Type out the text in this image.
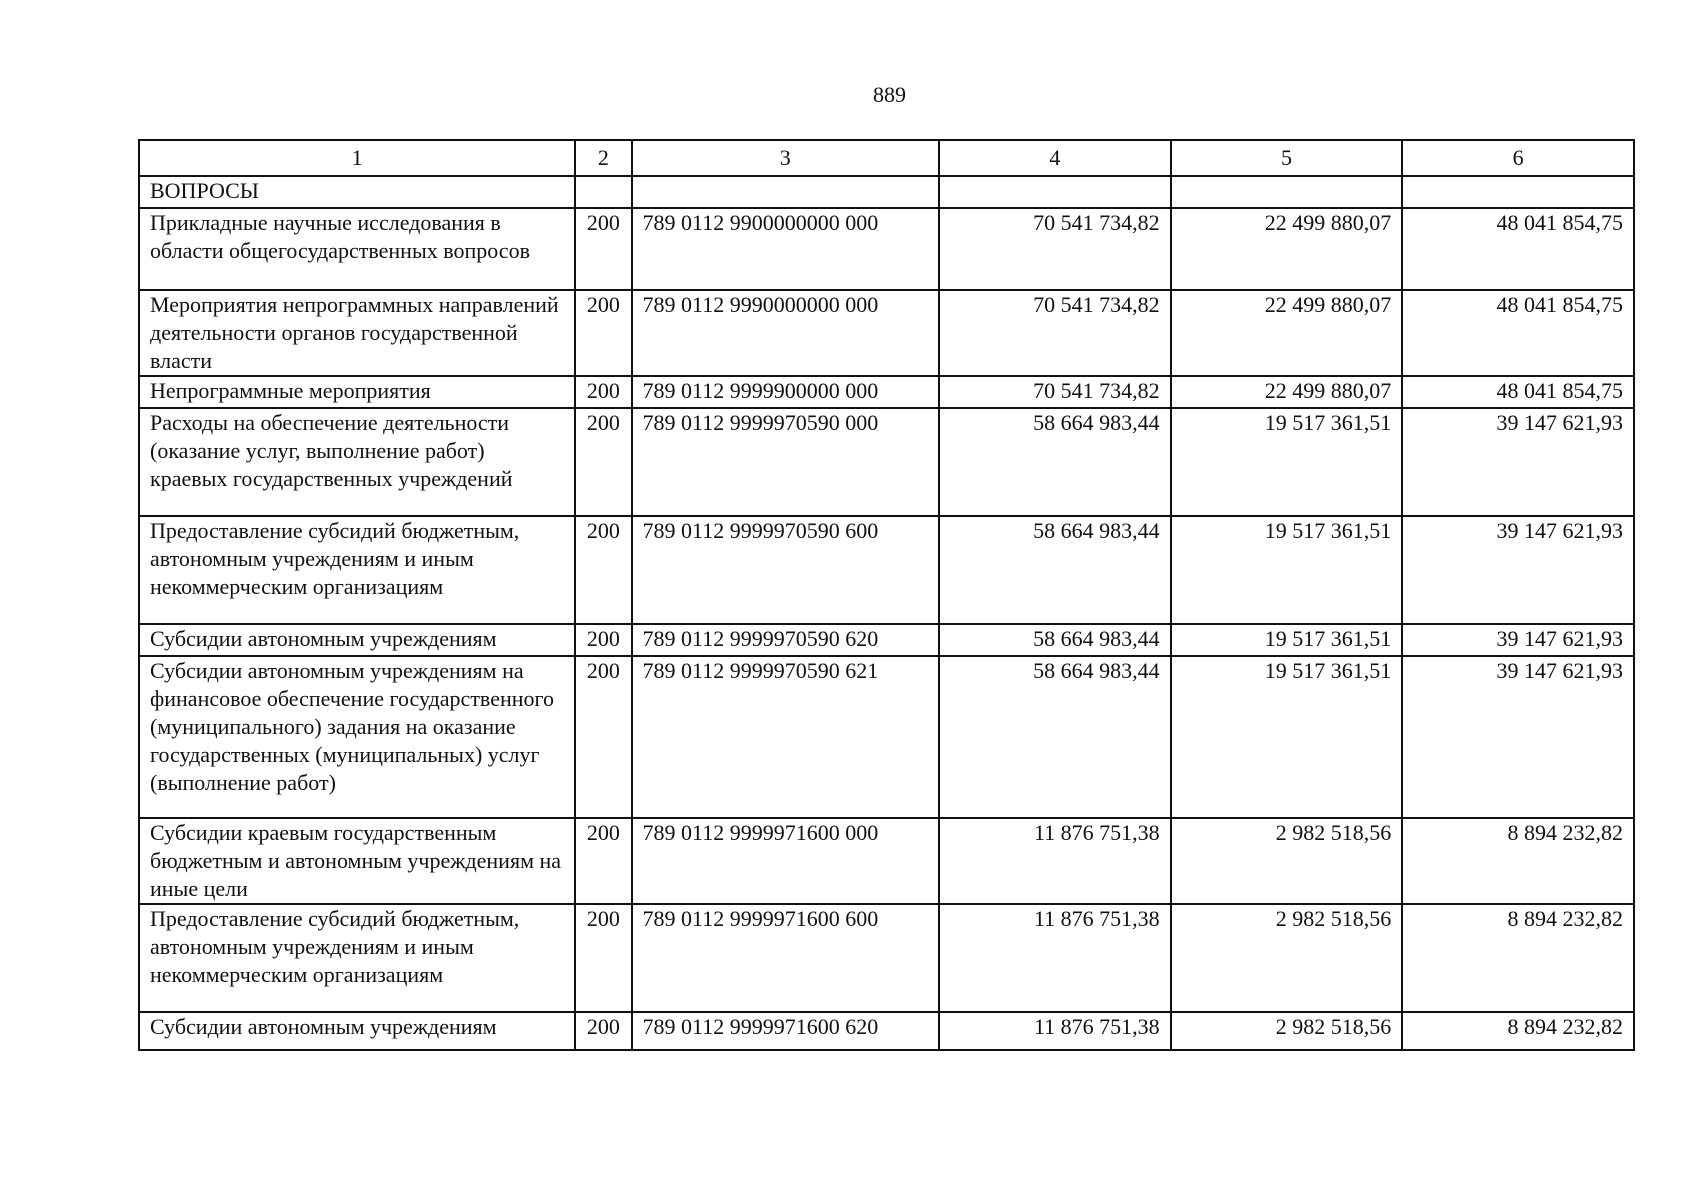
889
1	2	3	4	5	6
ВОПРОСЫ					
Прикладные научные исследования в области общегосударственных вопросов	200	789 0112 9900000000 000	70 541 734,82	22 499 880,07	48 041 854,75
Мероприятия непрограммных направлений деятельности органов государственной власти	200	789 0112 9990000000 000	70 541 734,82	22 499 880,07	48 041 854,75
Непрограммные мероприятия	200	789 0112 9999900000 000	70 541 734,82	22 499 880,07	48 041 854,75
Расходы на обеспечение деятельности (оказание услуг, выполнение работ) краевых государственных учреждений	200	789 0112 9999970590 000	58 664 983,44	19 517 361,51	39 147 621,93
Предоставление субсидий бюджетным, автономным учреждениям и иным некоммерческим организациям	200	789 0112 9999970590 600	58 664 983,44	19 517 361,51	39 147 621,93
Субсидии автономным учреждениям	200	789 0112 9999970590 620	58 664 983,44	19 517 361,51	39 147 621,93
Субсидии автономным учреждениям на финансовое обеспечение государственного (муниципального) задания на оказание государственных (муниципальных) услуг (выполнение работ)	200	789 0112 9999970590 621	58 664 983,44	19 517 361,51	39 147 621,93
Субсидии краевым государственным бюджетным и автономным учреждениям на иные цели	200	789 0112 9999971600 000	11 876 751,38	2 982 518,56	8 894 232,82
Предоставление субсидий бюджетным, автономным учреждениям и иным некоммерческим организациям	200	789 0112 9999971600 600	11 876 751,38	2 982 518,56	8 894 232,82
Субсидии автономным учреждениям	200	789 0112 9999971600 620	11 876 751,38	2 982 518,56	8 894 232,82
